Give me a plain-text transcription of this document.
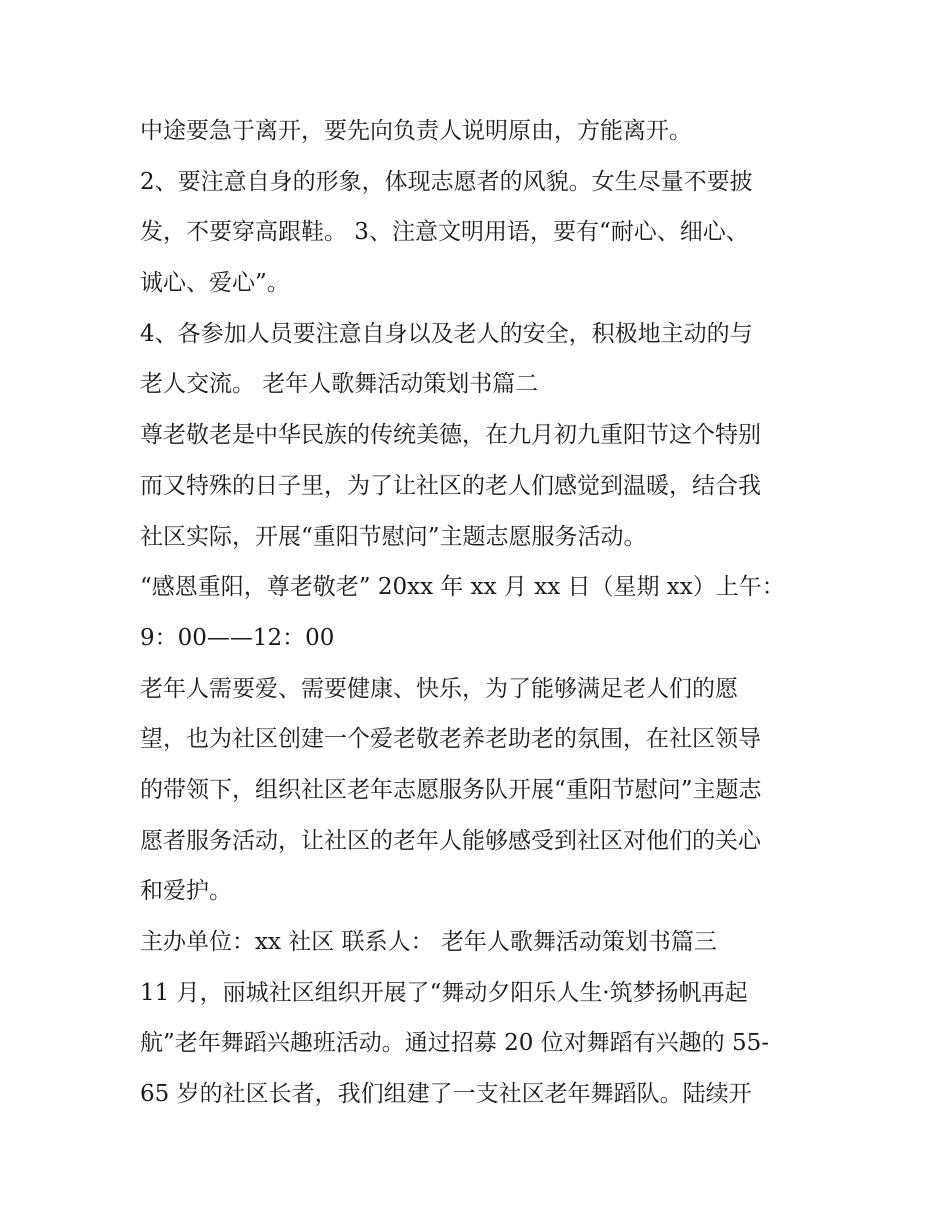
中途要急于离开，要先向负责人说明原由，方能离开。
2、要注意自身的形象，体现志愿者的风貌。女生尽量不要披
发，不要穿高跟鞋。 3、注意文明用语，要有“耐心、细心、
诚心、爱心”。
4、各参加人员要注意自身以及老人的安全，积极地主动的与
老人交流。 老年人歌舞活动策划书篇二
尊老敬老是中华民族的传统美德，在九月初九重阳节这个特别
而又特殊的日子里，为了让社区的老人们感觉到温暖，结合我
社区实际，开展“重阳节慰问”主题志愿服务活动。
“感恩重阳，尊老敬老” 20xx 年 xx 月 xx 日（星期 xx）上午：
9：00——12：00
老年人需要爱、需要健康、快乐，为了能够满足老人们的愿
望，也为社区创建一个爱老敬老养老助老的氛围，在社区领导
的带领下，组织社区老年志愿服务队开展“重阳节慰问”主题志
愿者服务活动，让社区的老年人能够感受到社区对他们的关心
和爱护。
主办单位：xx 社区 联系人： 老年人歌舞活动策划书篇三
11 月，丽城社区组织开展了“舞动夕阳乐人生·筑梦扬帆再起
航”老年舞蹈兴趣班活动。通过招募 20 位对舞蹈有兴趣的 55-
65 岁的社区长者，我们组建了一支社区老年舞蹈队。陆续开
